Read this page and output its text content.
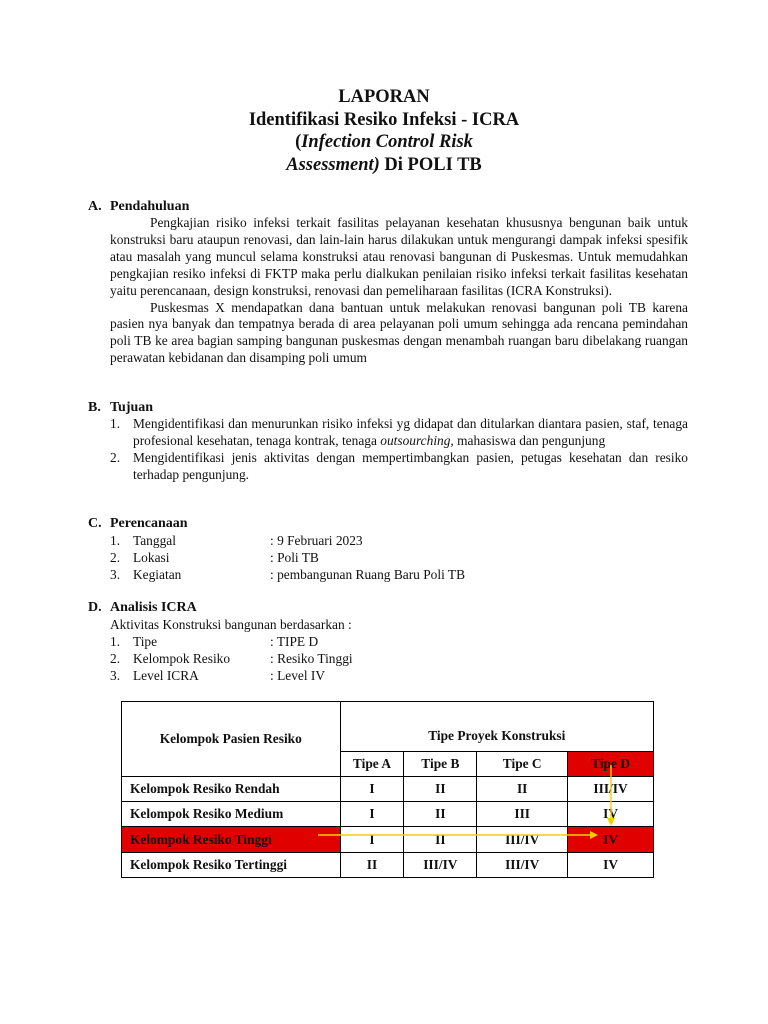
LAPORAN
Identifikasi Resiko Infeksi - ICRA
(Infection Control Risk
Assessment) Di POLI TB
A. Pendahuluan

Pengkajian risiko infeksi terkait fasilitas pelayanan kesehatan khususnya bengunan baik untuk konstruksi baru ataupun renovasi, dan lain-lain harus dilakukan untuk mengurangi dampak infeksi spesifik atau masalah yang muncul selama konstruksi atau renovasi bangunan di Puskesmas. Untuk memudahkan pengkajian resiko infeksi di FKTP maka perlu dialkukan penilaian risiko infeksi terkait fasilitas kesehatan yaitu perencanaan, design konstruksi, renovasi dan pemeliharaan fasilitas (ICRA Konstruksi).

Puskesmas X mendapatkan dana bantuan untuk melakukan renovasi bangunan poli TB karena pasien nya banyak dan tempatnya berada di area pelayanan poli umum sehingga ada rencana pemindahan poli TB ke area bagian samping bangunan puskesmas dengan menambah ruangan baru dibelakang ruangan perawatan kebidanan dan disamping poli umum

B. Tujuan
1. Mengidentifikasi dan menurunkan risiko infeksi yg didapat dan ditularkan diantara pasien, staf, tenaga profesional kesehatan, tenaga kontrak, tenaga outsourching, mahasiswa dan pengunjung
2. Mengidentifikasi jenis aktivitas dengan mempertimbangkan pasien, petugas kesehatan dan resiko terhadap pengunjung.
C. Perencanaan
1. Tanggal	: 9 Februari 2023
2. Lokasi	: Poli TB
3. Kegiatan	: pembangunan Ruang Baru Poli TB
D. Analisis ICRA
Aktivitas Konstruksi bangunan berdasarkan :
1. Tipe	: TIPE D
2. Kelompok Resiko	: Resiko Tinggi
3. Level ICRA	: Level IV
Kelompok Pasien Resiko	Tipe Proyek Konstruksi			
	Tipe A	Tipe B	Tipe C	Tipe D
Kelompok Resiko Rendah	I	II	II	III/IV
Kelompok Resiko Medium	I	II	III	IV
Kelompok Resiko Tinggi	I	II	III/IV	IV
Kelompok Resiko Tertinggi	II	III/IV	III/IV	IV
